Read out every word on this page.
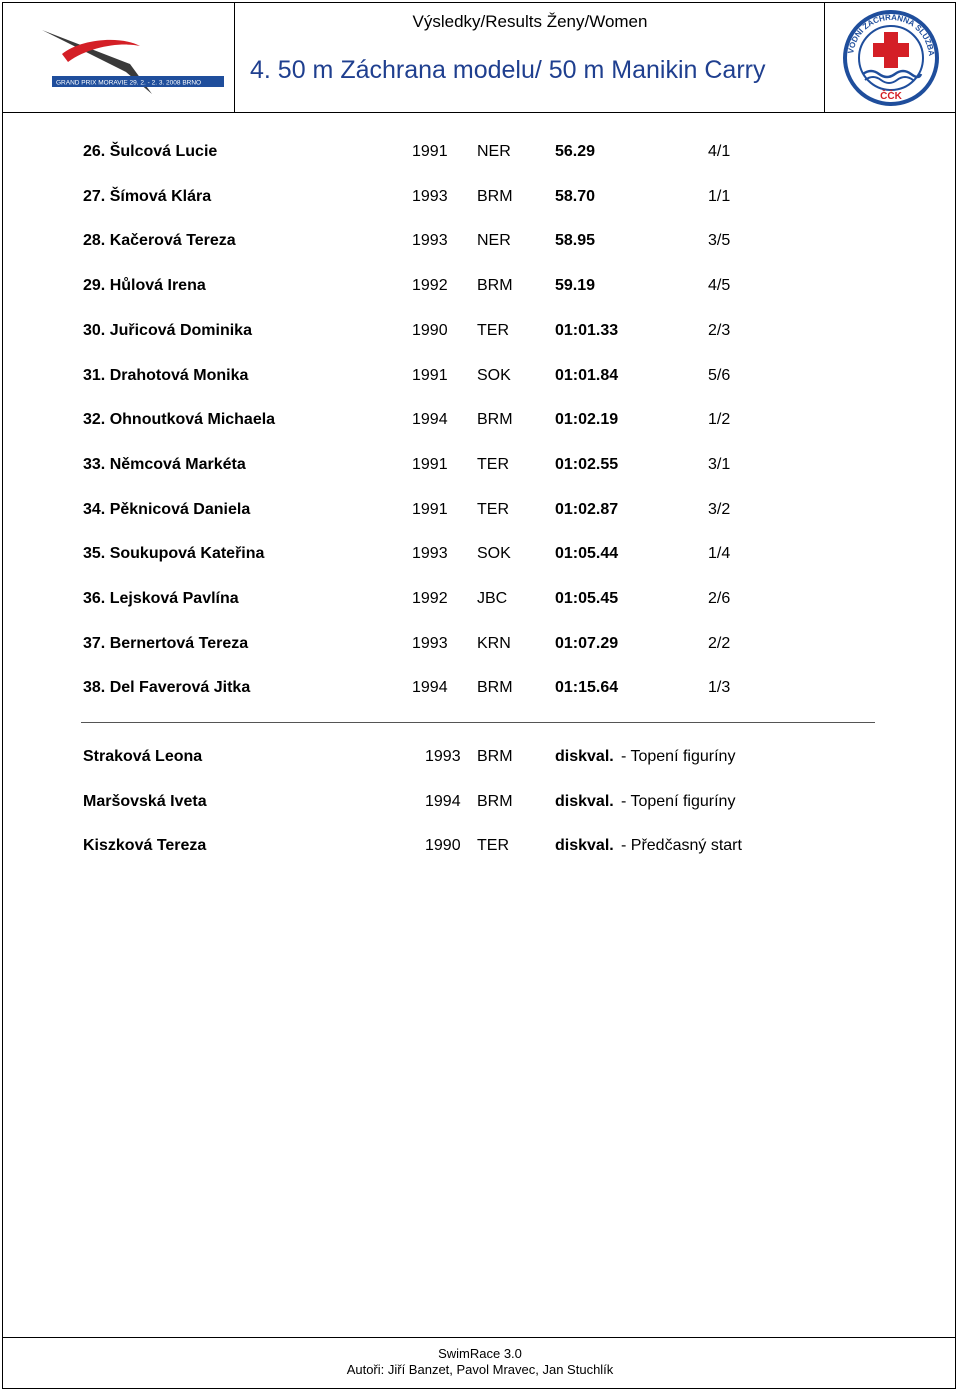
GRAND PRIX MORAVIE 29. 2. - 2. 3. 2008 BRNO
Výsledky/Results Ženy/Women
4. 50 m Záchrana modelu/ 50 m Manikin Carry
VODNÍ ZÁCHRANNÁ SLUŽBA
ČČK
26. Šulcová Lucie	1991 NER	56.29	4/1
27. Šímová Klára	1993 BRM	58.70	1/1
28. Kačerová Tereza	1993 NER	58.95	3/5
29. Hůlová Irena	1992 BRM	59.19	4/5
30. Juřicová Dominika	1990 TER	01:01.33	2/3
31. Drahotová Monika	1991 SOK	01:01.84	5/6
32. Ohnoutková Michaela	1994 BRM	01:02.19	1/2
33. Němcová Markéta	1991 TER	01:02.55	3/1
34. Pěknicová Daniela	1991 TER	01:02.87	3/2
35. Soukupová Kateřina	1993 SOK	01:05.44	1/4
36. Lejsková Pavlína	1992 JBC	01:05.45	2/6
37. Bernertová Tereza	1993 KRN	01:07.29	2/2
38. Del Faverová Jitka	1994 BRM	01:15.64	1/3
Straková Leona	1993 BRM	diskval. - Topení figuríny
Maršovská Iveta	1994 BRM	diskval. - Topení figuríny
Kiszková Tereza	1990 TER	diskval. - Předčasný start
SwimRace 3.0
Autoři: Jiří Banzet, Pavol Mravec, Jan Stuchlík
